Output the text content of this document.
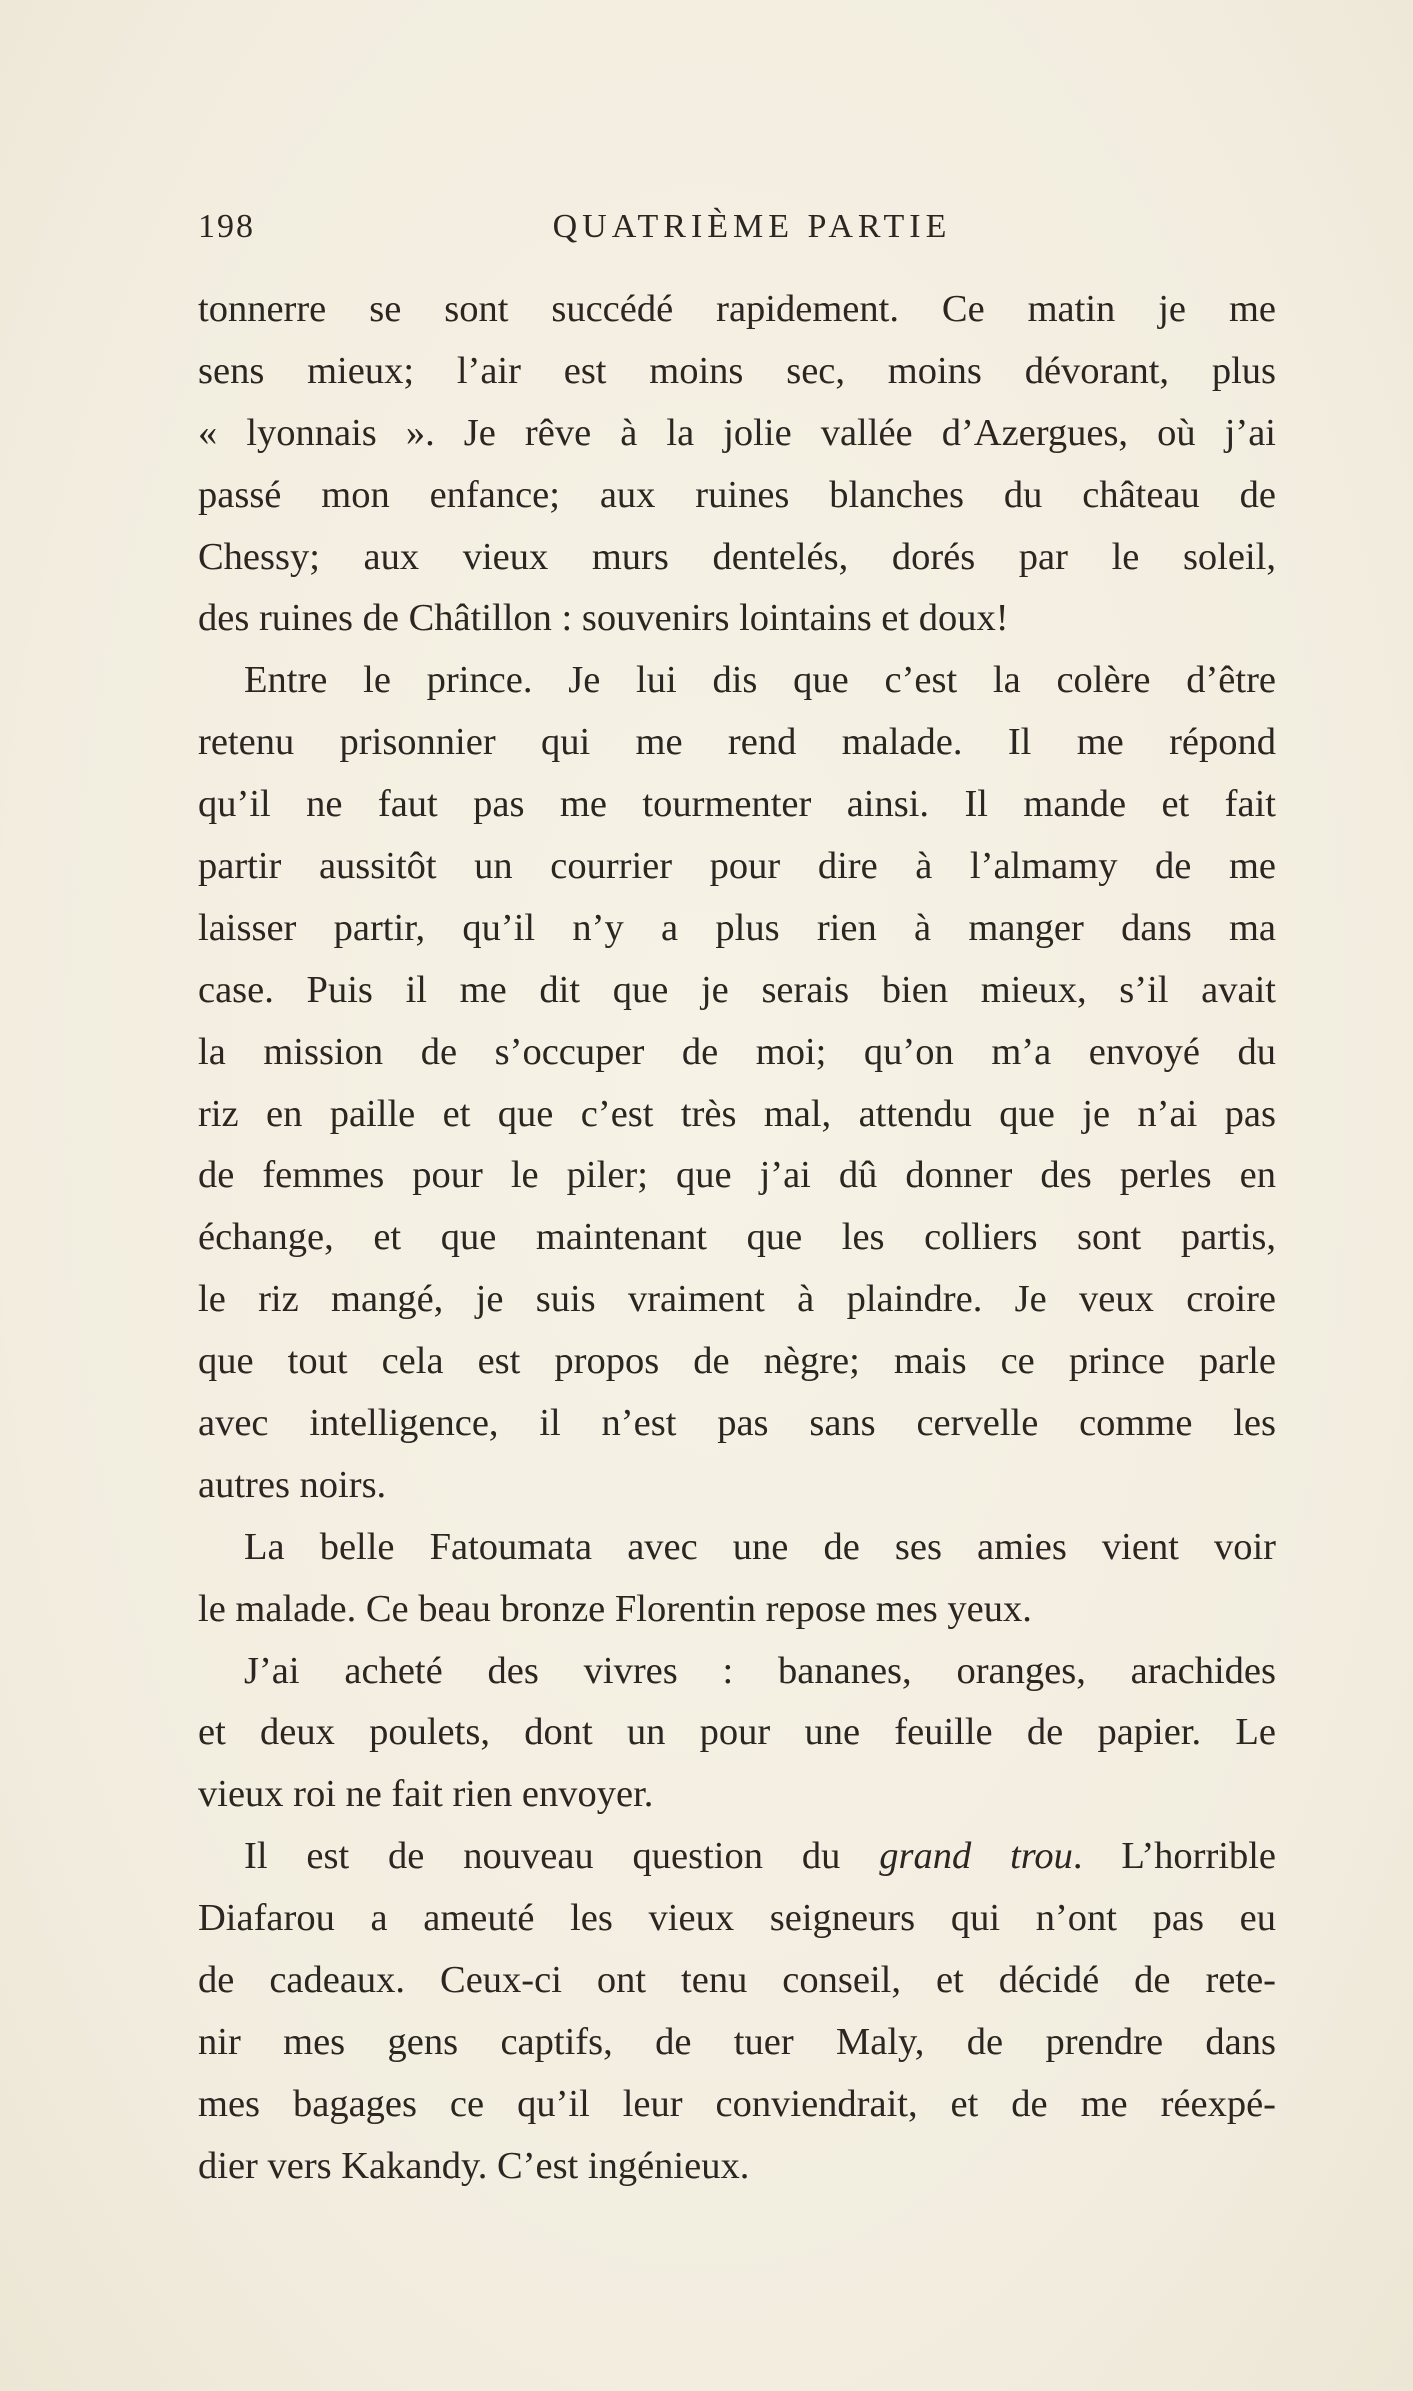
198	QUATRIÈME PARTIE
tonnerre se sont succédé rapidement. Ce matin je me
sens mieux; l’air est moins sec, moins dévorant, plus
« lyonnais ». Je rêve à la jolie vallée d’Azergues, où j’ai
passé mon enfance; aux ruines blanches du château de
Chessy; aux vieux murs dentelés, dorés par le soleil,
des ruines de Châtillon : souvenirs lointains et doux!
Entre le prince. Je lui dis que c’est la colère d’être
retenu prisonnier qui me rend malade. Il me répond
qu’il ne faut pas me tourmenter ainsi. Il mande et fait
partir aussitôt un courrier pour dire à l’almamy de me
laisser partir, qu’il n’y a plus rien à manger dans ma
case. Puis il me dit que je serais bien mieux, s’il avait
la mission de s’occuper de moi; qu’on m’a envoyé du
riz en paille et que c’est très mal, attendu que je n’ai pas
de femmes pour le piler; que j’ai dû donner des perles en
échange, et que maintenant que les colliers sont partis,
le riz mangé, je suis vraiment à plaindre. Je veux croire
que tout cela est propos de nègre; mais ce prince parle
avec intelligence, il n’est pas sans cervelle comme les
autres noirs.
La belle Fatoumata avec une de ses amies vient voir
le malade. Ce beau bronze Florentin repose mes yeux.
J’ai acheté des vivres : bananes, oranges, arachides
et deux poulets, dont un pour une feuille de papier. Le
vieux roi ne fait rien envoyer.
Il est de nouveau question du grand trou. L’horrible
Diafarou a ameuté les vieux seigneurs qui n’ont pas eu
de cadeaux. Ceux-ci ont tenu conseil, et décidé de rete-
nir mes gens captifs, de tuer Maly, de prendre dans
mes bagages ce qu’il leur conviendrait, et de me réexpé-
dier vers Kakandy. C’est ingénieux.
